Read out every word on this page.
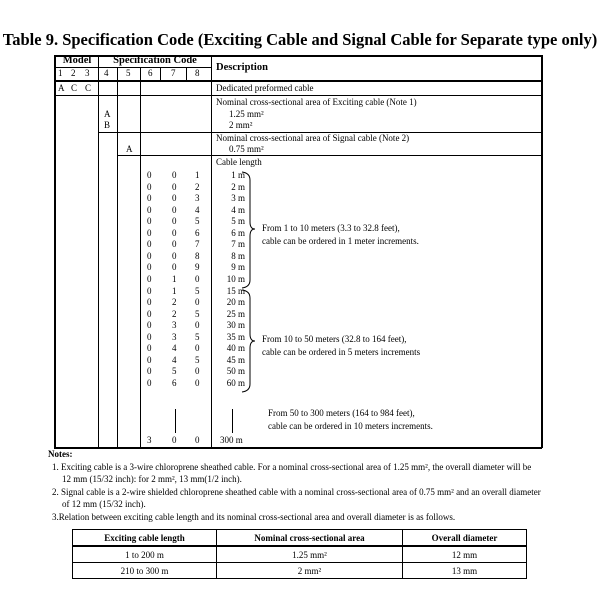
Table 9. Specification Code (Exciting Cable and Signal Cable for Separate type only)
Model	Specification Code
Description
1 2 3 4 5 6 7 8
A C C	Dedicated preformed cable
Nominal cross-sectional area of Exciting cable (Note 1)
A	1.25 mm²
B	2 mm²
Nominal cross-sectional area of Signal cable (Note 2)
A	0.75 mm²
Cable length
0 0 1	1 m
0 0 2	2 m
0 0 3	3 m
0 0 4	4 m
0 0 5	5 m
0 0 6	6 m
0 0 7	7 m
0 0 8	8 m
0 0 9	9 m
0 1 0	10 m
0 1 5	15 m
0 2 0	20 m
0 2 5	25 m
0 3 0	30 m
0 3 5	35 m
0 4 0	40 m
0 4 5	45 m
0 5 0	50 m
0 6 0	60 m
3 0 0 300 m
From 1 to 10 meters (3.3 to 32.8 feet),
cable can be ordered in 1 meter increments.
From 10 to 50 meters (32.8 to 164 feet),
cable can be ordered in 5 meters increments
From 50 to 300 meters (164 to 984 feet),
cable can be ordered in 10 meters increments.
Notes:
1. Exciting cable is a 3-wire chloroprene sheathed cable. For a nominal cross-sectional area of 1.25 mm², the overall diameter will be
12 mm (15/32 inch): for 2 mm², 13 mm(1/2 inch).
2. Signal cable is a 2-wire shielded chloroprene sheathed cable with a nominal cross-sectional area of 0.75 mm² and an overall diameter
of 12 mm (15/32 inch).
3.Relation between exciting cable length and its nominal cross-sectional area and overall diameter is as follows.
Exciting cable length	Nominal cross-sectional area	Overall diameter
1 to 200 m	1.25 mm²	12 mm
210 to 300 m	2 mm²	13 mm
